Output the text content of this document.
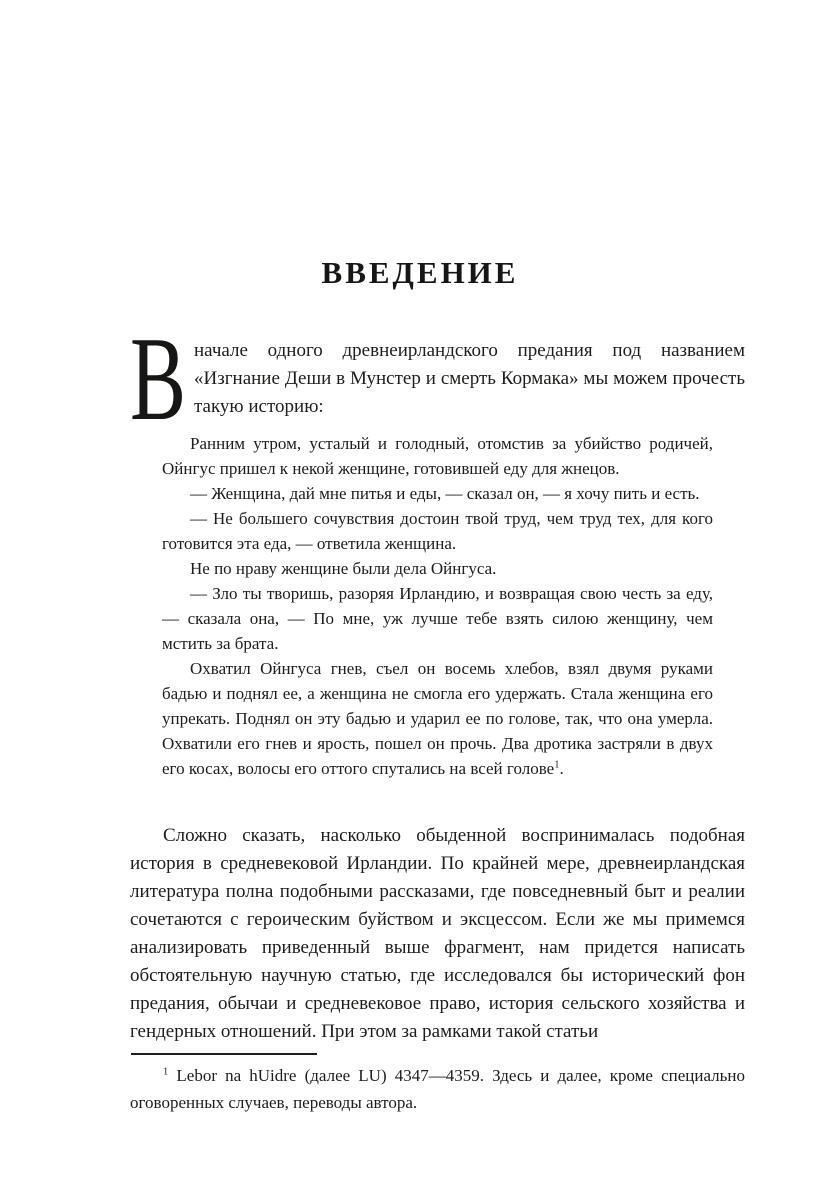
ВВЕДЕНИЕ
Вначале одного древнеирландского предания под названием «Изгнание Деши в Мунстер и смерть Кормака» мы можем прочесть такую историю:

Ранним утром, усталый и голодный, отомстив за убийство родичей, Ойнгус пришел к некой женщине, готовившей еду для жнецов.

— Женщина, дай мне питья и еды, — сказал он, — я хочу пить и есть.

— Не большего сочувствия достоин твой труд, чем труд тех, для кого готовится эта еда, — ответила женщина.

Не по нраву женщине были дела Ойнгуса.

— Зло ты творишь, разоряя Ирландию, и возвращая свою честь за еду, — сказала она, — По мне, уж лучше тебе взять силою женщину, чем мстить за брата.

Охватил Ойнгуса гнев, съел он восемь хлебов, взял двумя руками бадью и поднял ее, а женщина не смогла его удержать. Стала женщина его упрекать. Поднял он эту бадью и ударил ее по голове, так, что она умерла. Охватили его гнев и ярость, пошел он прочь. Два дротика застряли в двух его косах, волосы его оттого спутались на всей голове$^1$.

Сложно сказать, насколько обыденной воспринималась подобная история в средневековой Ирландии. По крайней мере, древнеирландская литература полна подобными рассказами, где повседневный быт и реалии сочетаются с героическим буйством и эксцессом. Если же мы примемся анализировать приведенный выше фрагмент, нам придется написать обстоятельную научную статью, где исследовался бы исторический фон предания, обычаи и средневековое право, история сельского хозяйства и гендерных отношений. При этом за рамками такой статьи

$^1$ Lebor na hUidre (далее LU) 4347—4359. Здесь и далее, кроме специально оговоренных случаев, переводы автора.
